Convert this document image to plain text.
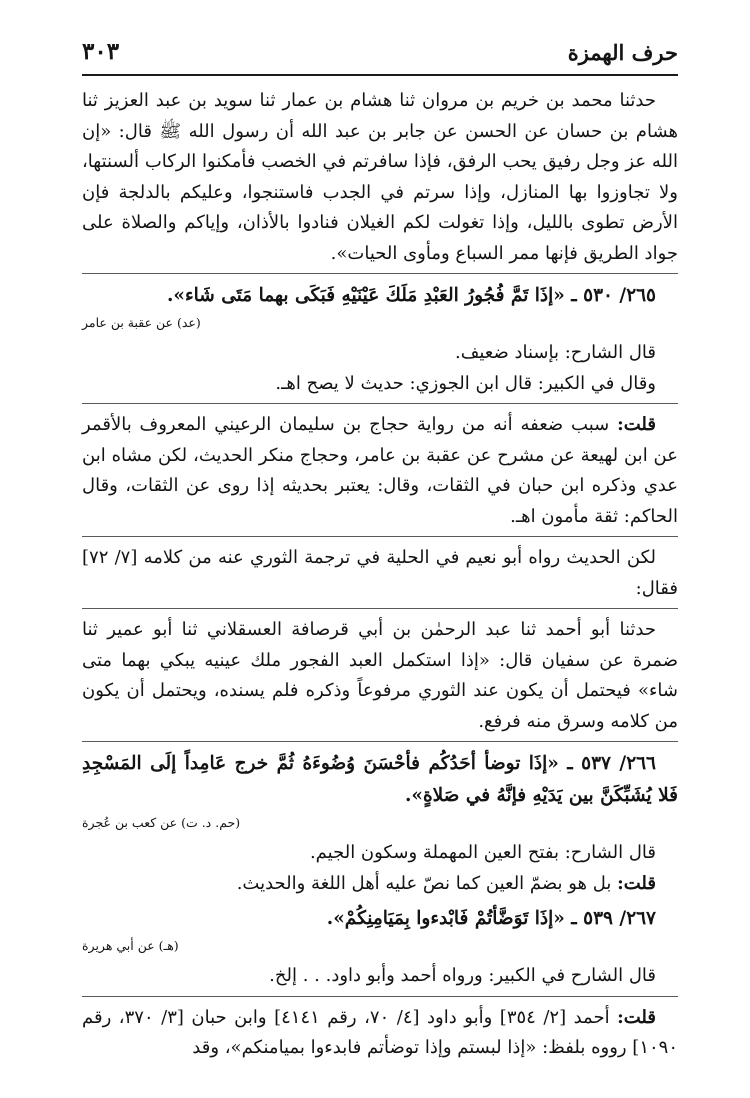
حرف الهمزة
٣٠٣

حدثنا محمد بن خريم بن مروان ثنا هشام بن عمار ثنا سويد بن عبد العزيز ثنا هشام بن حسان عن الحسن عن جابر بن عبد الله أن رسول الله ﷺ قال: «إن الله عز وجل رفيق يحب الرفق، فإذا سافرتم في الخصب فأمكنوا الركاب ألسنتها، ولا تجاوزوا بها المنازل، وإذا سرتم في الجدب فاستنجوا، وعليكم بالدلجة فإن الأرض تطوى بالليل، وإذا تغولت لكم الغيلان فنادوا بالأذان، وإياكم والصلاة على جواد الطريق فإنها ممر السباع ومأوى الحيات».

٢٦٥/ ٥٣٠ ـ «إذَا تَمَّ فُجُورُ العَبْدِ مَلَكَ عَيْنَيْهِ فَبَكَى بهما مَتَى شَاء».

(عد) عن عقبة بن عامر

قال الشارح: بإسناد ضعيف.

وقال في الكبير: قال ابن الجوزي: حديث لا يصح اهـ.

قلت: سبب ضعفه أنه من رواية حجاج بن سليمان الرعيني المعروف بالأقمر عن ابن لهيعة عن مشرح عن عقبة بن عامر، وحجاج منكر الحديث، لكن مشاه ابن عدي وذكره ابن حبان في الثقات، وقال: يعتبر بحديثه إذا روى عن الثقات، وقال الحاكم: ثقة مأمون اهـ.

لكن الحديث رواه أبو نعيم في الحلية في ترجمة الثوري عنه من كلامه [٧/ ٧٢] فقال:

حدثنا أبو أحمد ثنا عبد الرحمٰن بن أبي قرصافة العسقلاني ثنا أبو عمير ثنا ضمرة عن سفيان قال: «إذا استكمل العبد الفجور ملك عينيه يبكي بهما متى شاء» فيحتمل أن يكون عند الثوري مرفوعاً وذكره فلم يسنده، ويحتمل أن يكون من كلامه وسرق منه فرفع.

٢٦٦/ ٥٣٧ ـ «إذَا توضأ أحَدُكُم فأحْسَنَ وُضُوءَهُ ثُمَّ خرج عَامِداً إلَى المَسْجِدِ فَلا يُشَبِّكَنَّ بين يَدَيْهِ فإنَّهُ في صَلاةٍ».

(حم. د. ت) عن كعب بن عُجرة

قال الشارح: بفتح العين المهملة وسكون الجيم.

قلت: بل هو بضمّ العين كما نصّ عليه أهل اللغة والحديث.

٢٦٧/ ٥٣٩ ـ «إذَا تَوَضَّأتُمْ فَابْدءوا بِمَيَامِنِكُمْ».

(هـ) عن أبي هريرة

قال الشارح في الكبير: ورواه أحمد وأبو داود. . . إلخ.

قلت: أحمد [٢/ ٣٥٤] وأبو داود [٤/ ٧٠، رقم ٤١٤١] وابن حبان [٣/ ٣٧٠، رقم ١٠٩٠] رووه بلفظ: «إذا لبستم وإذا توضأتم فابدءوا بميامنكم»، وقد
